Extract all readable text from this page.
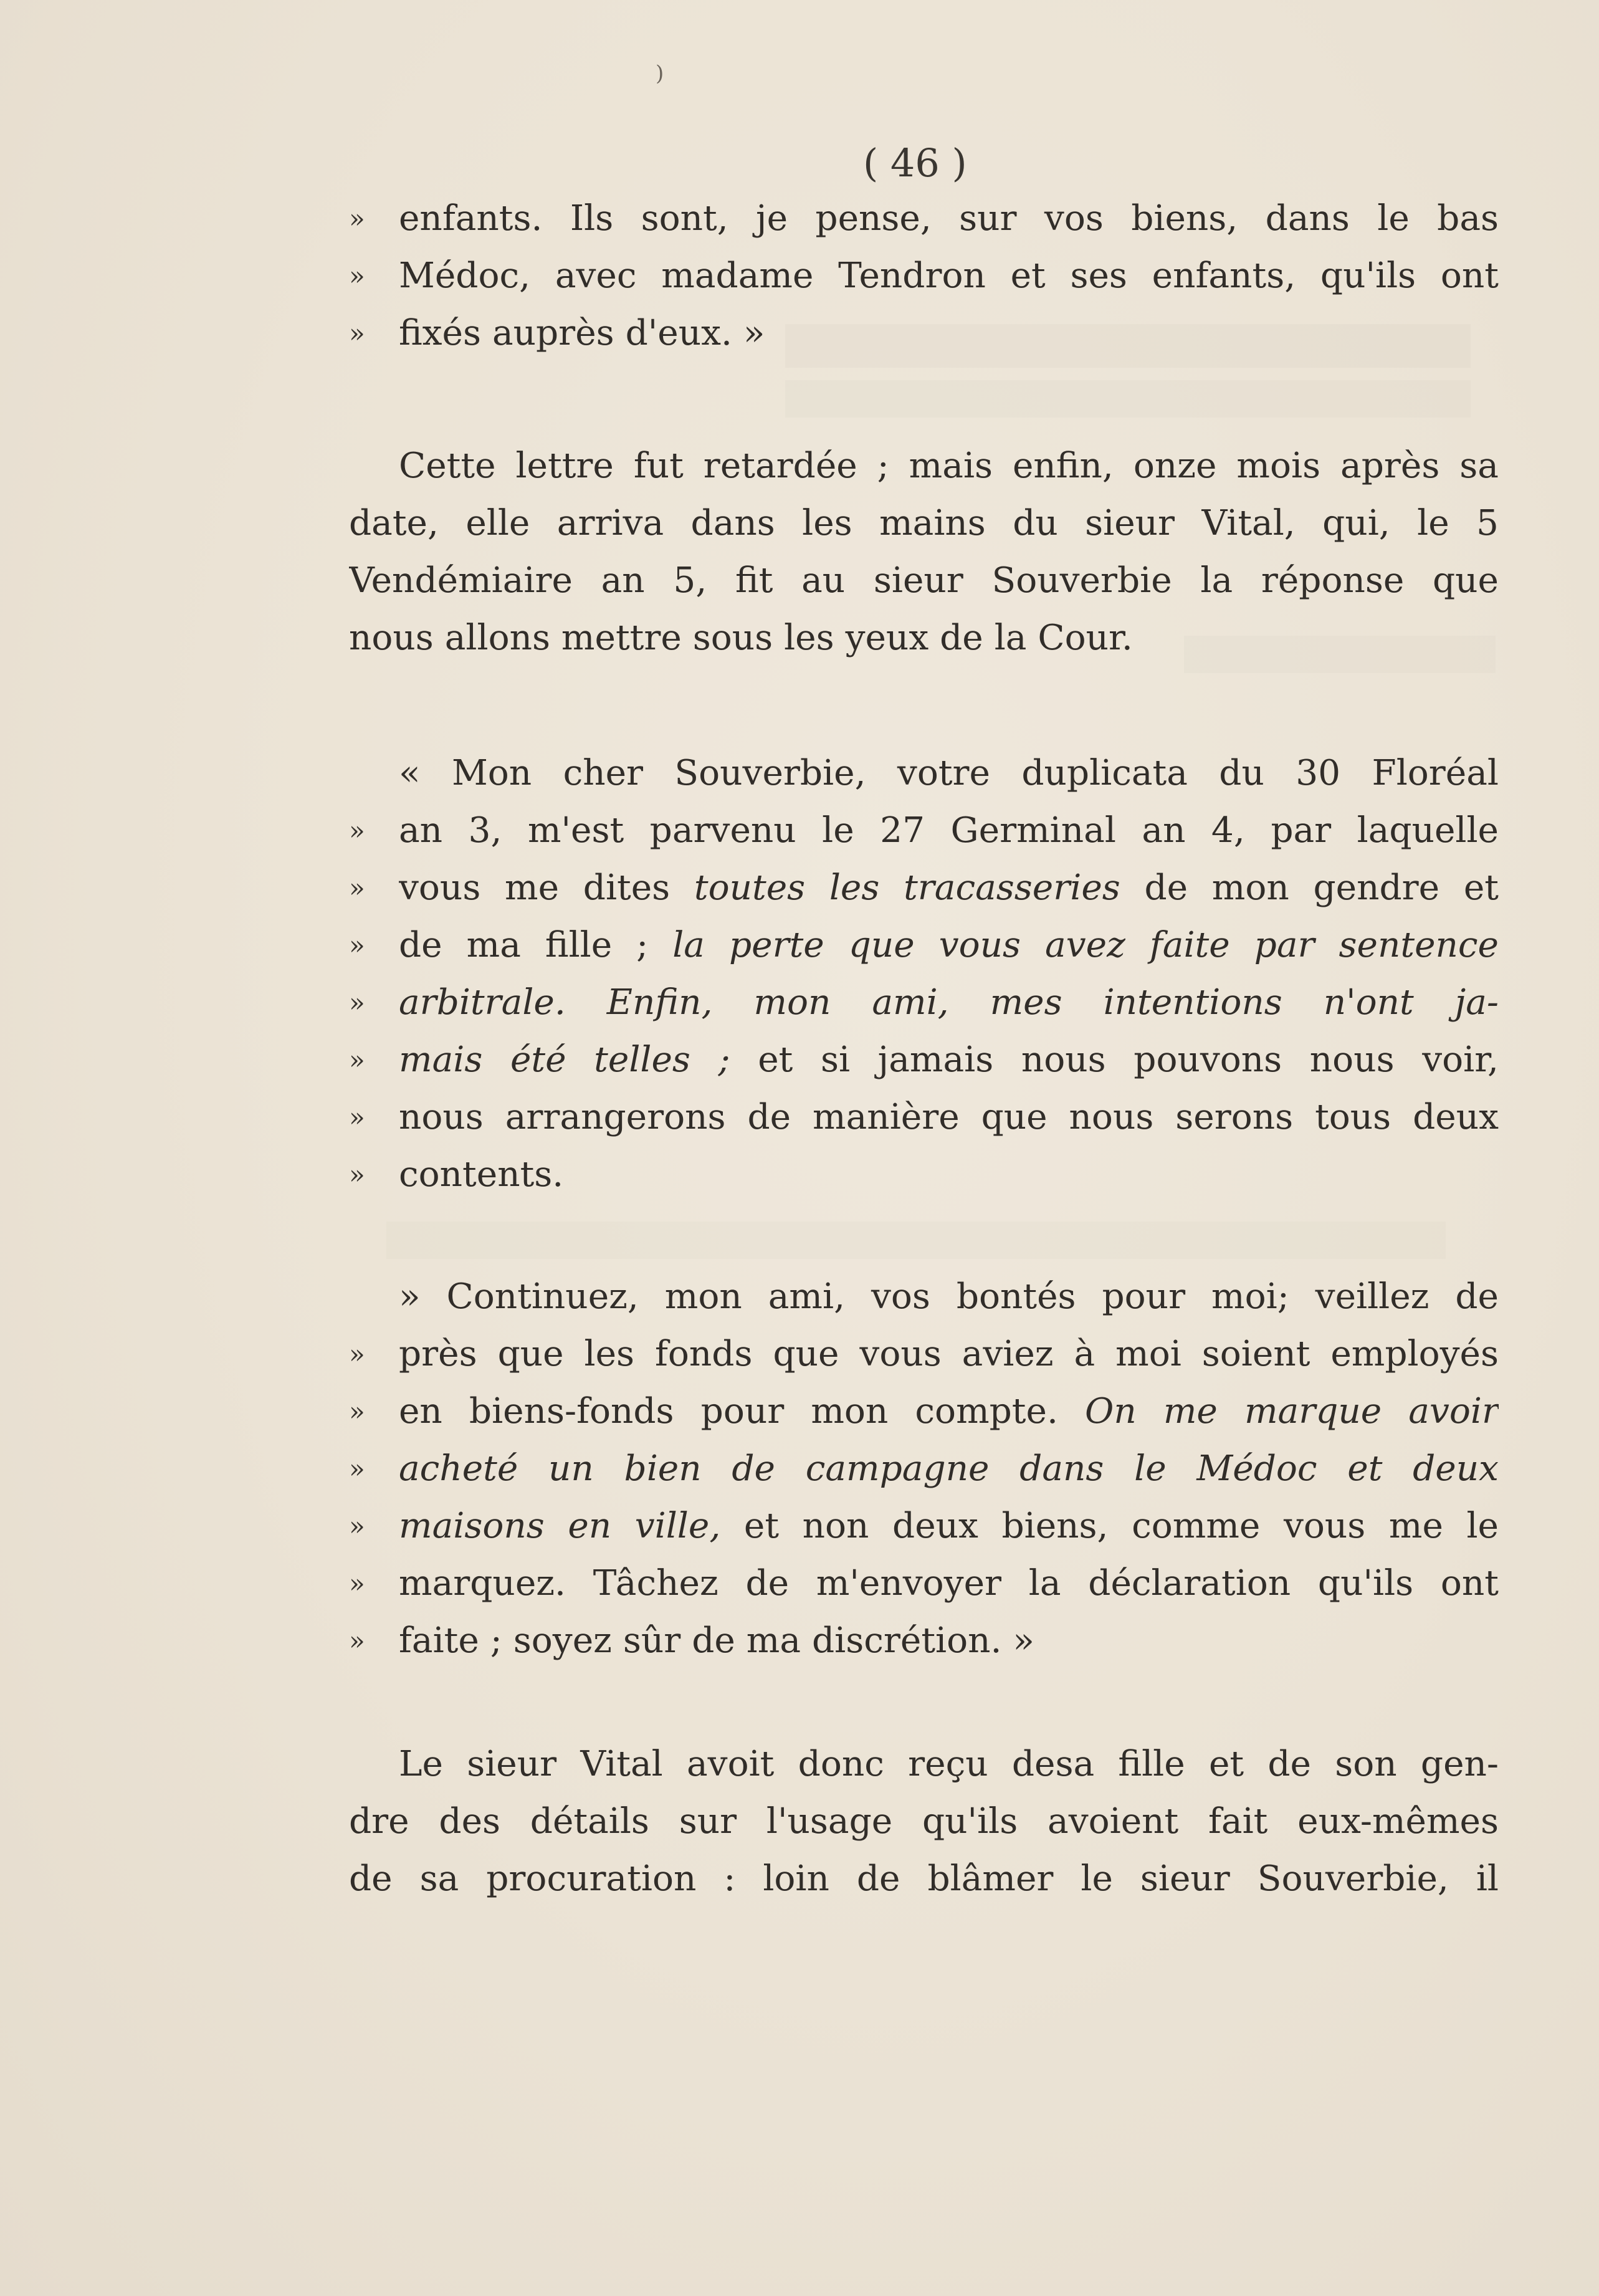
)
( 46 )
» enfants. Ils sont, je pense, sur vos biens, dans le bas
» Médoc, avec madame Tendron et ses enfants, qu'ils ont
» fixés auprès d'eux. »
Cette lettre fut retardée ; mais enfin, onze mois après sa
date, elle arriva dans les mains du sieur Vital, qui, le 5
Vendémiaire an 5, fit au sieur Souverbie la réponse que
nous allons mettre sous les yeux de la Cour.
« Mon cher Souverbie, votre duplicata du 30 Floréal
» an 3, m'est parvenu le 27 Germinal an 4, par laquelle
» vous me dites toutes les tracasseries de mon gendre et
» de ma fille ; la perte que vous avez faite par sentence
» arbitrale. Enfin, mon ami, mes intentions n'ont ja-
» mais été telles ; et si jamais nous pouvons nous voir,
» nous arrangerons de manière que nous serons tous deux
» contents.
» Continuez, mon ami, vos bontés pour moi; veillez de
» près que les fonds que vous aviez à moi soient employés
» en biens-fonds pour mon compte. On me marque avoir
» acheté un bien de campagne dans le Médoc et deux
» maisons en ville, et non deux biens, comme vous me le
» marquez. Tâchez de m'envoyer la déclaration qu'ils ont
» faite ; soyez sûr de ma discrétion. »
Le sieur Vital avoit donc reçu desa fille et de son gen-
dre des détails sur l'usage qu'ils avoient fait eux-mêmes
de sa procuration : loin de blâmer le sieur Souverbie, il
